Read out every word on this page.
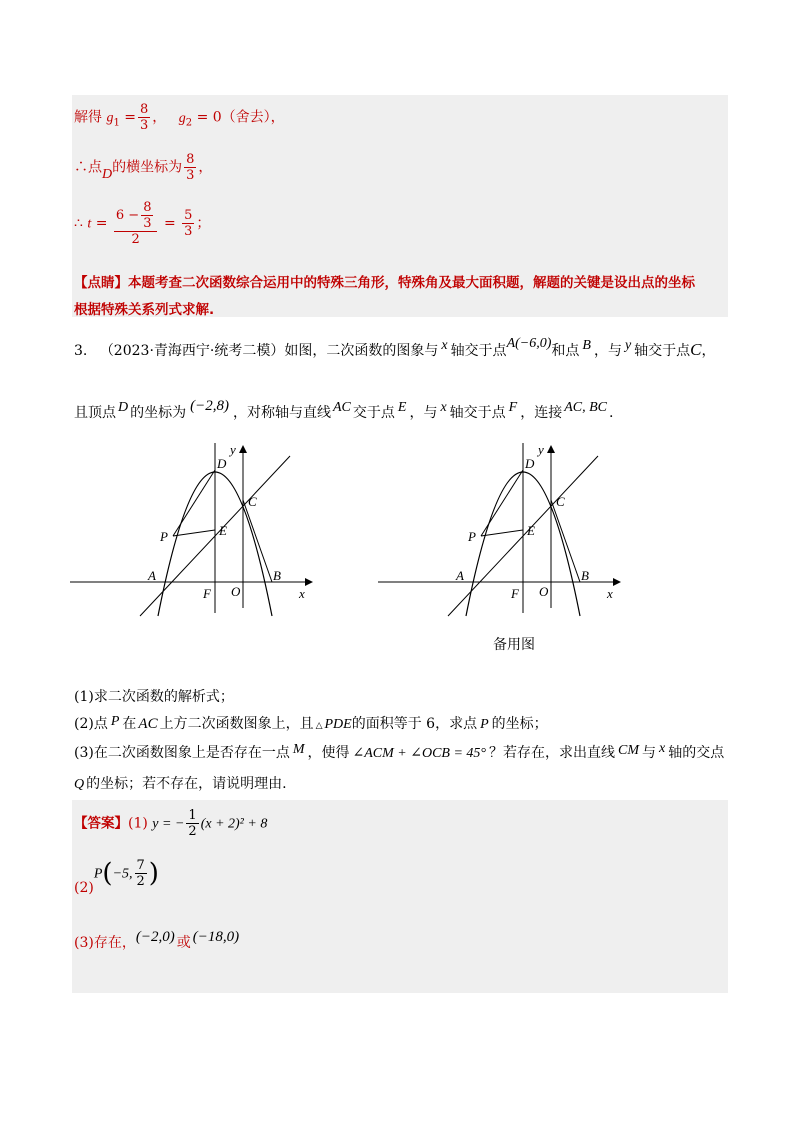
解得 $g_1 = \frac{8}{3}$ ， $g_2 = 0$（舍去），
∴点D的横坐标为 $\frac{8}{3}$ ，
∴ $t = \frac{6 - \frac{8}{3}}{2} = \frac{5}{3}$ ；
【点睛】本题考查二次函数综合运用中的特殊三角形，特殊角及最大面积题，解题的关键是设出点的坐标
根据特殊关系列式求解.
3. （2023·青海西宁·统考二模）如图，二次函数的图象与 x 轴交于点A(−6,0)和点 B ，与 y 轴交于点C，
且顶点 D 的坐标为 (−2,8) ，对称轴与直线 AC 交于点 E ，与 x 轴交于点 F ，连接 AC, BC .
D
y
C
P	E
A	B
F O	x
D
y
C
P	E
A	B
F O	x
备用图
(1)求二次函数的解析式；
(2)点 P 在 AC 上方二次函数图象上，且 △ PDE的面积等于 6，求点 P 的坐标；
(3)在二次函数图象上是否存在一点 M ，使得 ∠ACM + ∠OCB = 45° ？若存在，求出直线 CM 与 x 轴的交点
Q 的坐标；若不存在，请说明理由.
【答案】(1) y = − $\frac{1}{2} (x + 2)^2 + 8$
(2)P(−5, $\frac{7}{2}$ )
(3)存在，(−2,0) 或 (−18,0)
